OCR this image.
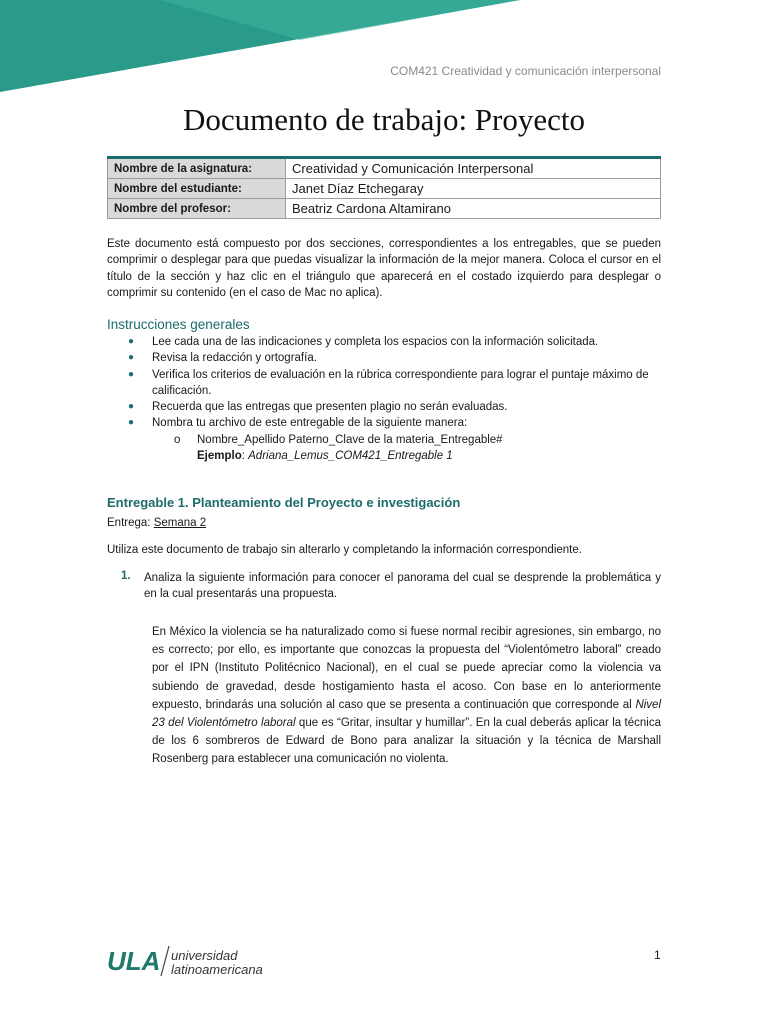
COM421 Creatividad y comunicación interpersonal
Documento de trabajo: Proyecto
Nombre de la asignatura:	Creatividad y Comunicación Interpersonal
Nombre del estudiante:	Janet Díaz Etchegaray
Nombre del profesor:	Beatriz Cardona Altamirano
Este documento está compuesto por dos secciones, correspondientes a los entregables, que se pueden comprimir o desplegar para que puedas visualizar la información de la mejor manera. Coloca el cursor en el título de la sección y haz clic en el triángulo que aparecerá en el costado izquierdo para desplegar o comprimir su contenido (en el caso de Mac no aplica).
Instrucciones generales
● Lee cada una de las indicaciones y completa los espacios con la información solicitada.
● Revisa la redacción y ortografía.
● Verifica los criterios de evaluación en la rúbrica correspondiente para lograr el puntaje máximo de calificación.
● Recuerda que las entregas que presenten plagio no serán evaluadas.
● Nombra tu archivo de este entregable de la siguiente manera:
o Nombre_Apellido Paterno_Clave de la materia_Entregable#
Ejemplo: Adriana_Lemus_COM421_Entregable 1
Entregable 1. Planteamiento del Proyecto e investigación
Entrega: Semana 2
Utiliza este documento de trabajo sin alterarlo y completando la información correspondiente.
1. Analiza la siguiente información para conocer el panorama del cual se desprende la problemática y en la cual presentarás una propuesta.
En México la violencia se ha naturalizado como si fuese normal recibir agresiones, sin embargo, no es correcto; por ello, es importante que conozcas la propuesta del “Violentómetro laboral” creado por el IPN (Instituto Politécnico Nacional), en el cual se puede apreciar como la violencia va subiendo de gravedad, desde hostigamiento hasta el acoso. Con base en lo anteriormente expuesto, brindarás una solución al caso que se presenta a continuación que corresponde al Nivel 23 del Violentómetro laboral que es “Gritar, insultar y humillar”. En la cual deberás aplicar la técnica de los 6 sombreros de Edward de Bono para analizar la situación y la técnica de Marshall Rosenberg para establecer una comunicación no violenta.
ULA universidad
latinoamericana
1
